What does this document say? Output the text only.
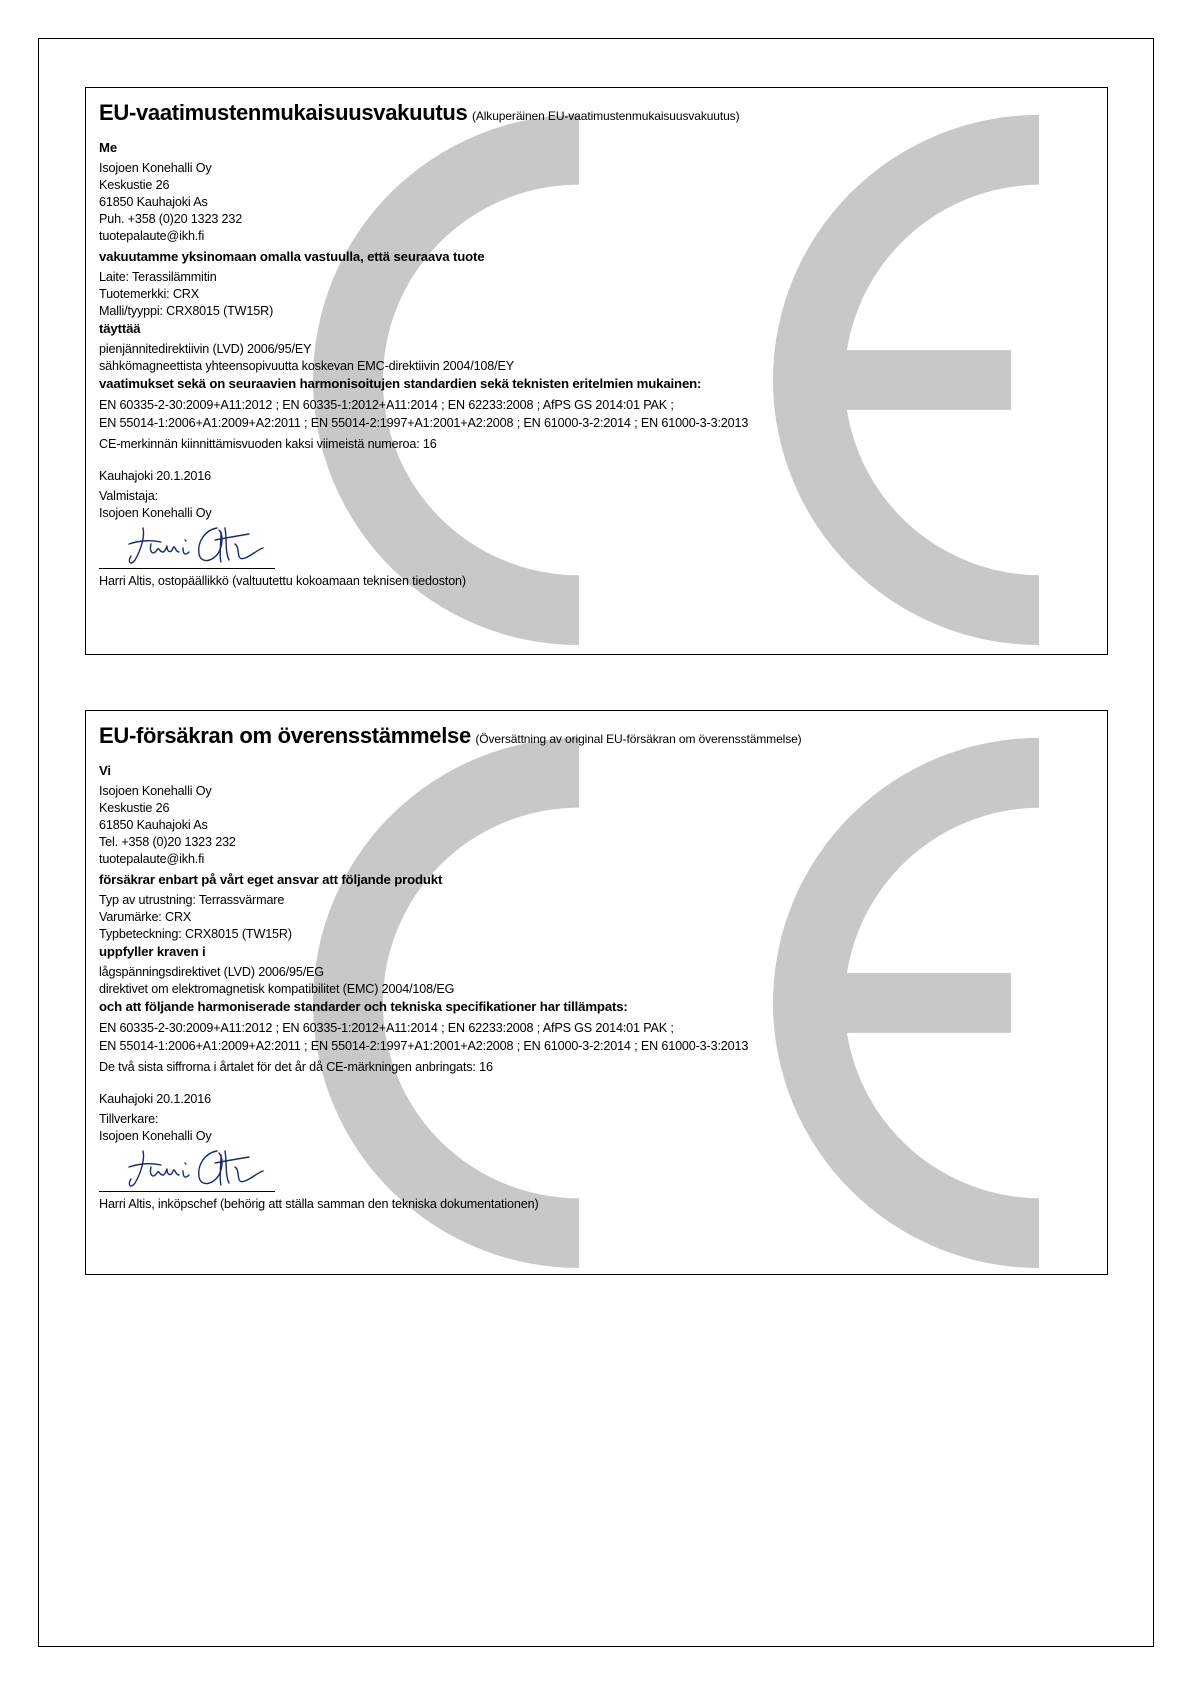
EU-vaatimustenmukaisuusvakuutus (Alkuperäinen EU-vaatimustenmukaisuusvakuutus)

Me

Isojoen Konehalli Oy

Keskustie 26

61850 Kauhajoki As

Puh. +358 (0)20 1323 232

tuotepalaute@ikh.fi

vakuutamme yksinomaan omalla vastuulla, että seuraava tuote

Laite: Terassilämmitin

Tuotemerkki: CRX

Malli/tyyppi: CRX8015 (TW15R)

täyttää

pienjännitedirektiivin (LVD) 2006/95/EY

sähkömagneettista yhteensopivuutta koskevan EMC-direktiivin 2004/108/EY

vaatimukset sekä on seuraavien harmonisoitujen standardien sekä teknisten eritelmien mukainen:

EN 60335-2-30:2009+A11:2012 ; EN 60335-1:2012+A11:2014 ; EN 62233:2008 ; AfPS GS 2014:01 PAK ;

EN 55014-1:2006+A1:2009+A2:2011 ; EN 55014-2:1997+A1:2001+A2:2008 ; EN 61000-3-2:2014 ; EN 61000-3-3:2013

CE-merkinnän kiinnittämisvuoden kaksi viimeistä numeroa: 16

Kauhajoki 20.1.2016

Valmistaja:

Isojoen Konehalli Oy

Harri Altis, ostopäällikkö (valtuutettu kokoamaan teknisen tiedoston)

EU-försäkran om överensstämmelse (Översättning av original EU-försäkran om överensstämmelse)

Vi

Isojoen Konehalli Oy

Keskustie 26

61850 Kauhajoki As

Tel. +358 (0)20 1323 232

tuotepalaute@ikh.fi

försäkrar enbart på vårt eget ansvar att följande produkt

Typ av utrustning: Terrassvärmare

Varumärke: CRX

Typbeteckning: CRX8015 (TW15R)

uppfyller kraven i

lågspänningsdirektivet (LVD) 2006/95/EG

direktivet om elektromagnetisk kompatibilitet (EMC) 2004/108/EG

och att följande harmoniserade standarder och tekniska specifikationer har tillämpats:

EN 60335-2-30:2009+A11:2012 ; EN 60335-1:2012+A11:2014 ; EN 62233:2008 ; AfPS GS 2014:01 PAK ;

EN 55014-1:2006+A1:2009+A2:2011 ; EN 55014-2:1997+A1:2001+A2:2008 ; EN 61000-3-2:2014 ; EN 61000-3-3:2013

De två sista siffrorna i årtalet för det år då CE-märkningen anbringats: 16

Kauhajoki 20.1.2016

Tillverkare:

Isojoen Konehalli Oy

Harri Altis, inköpschef (behörig att ställa samman den tekniska dokumentationen)
